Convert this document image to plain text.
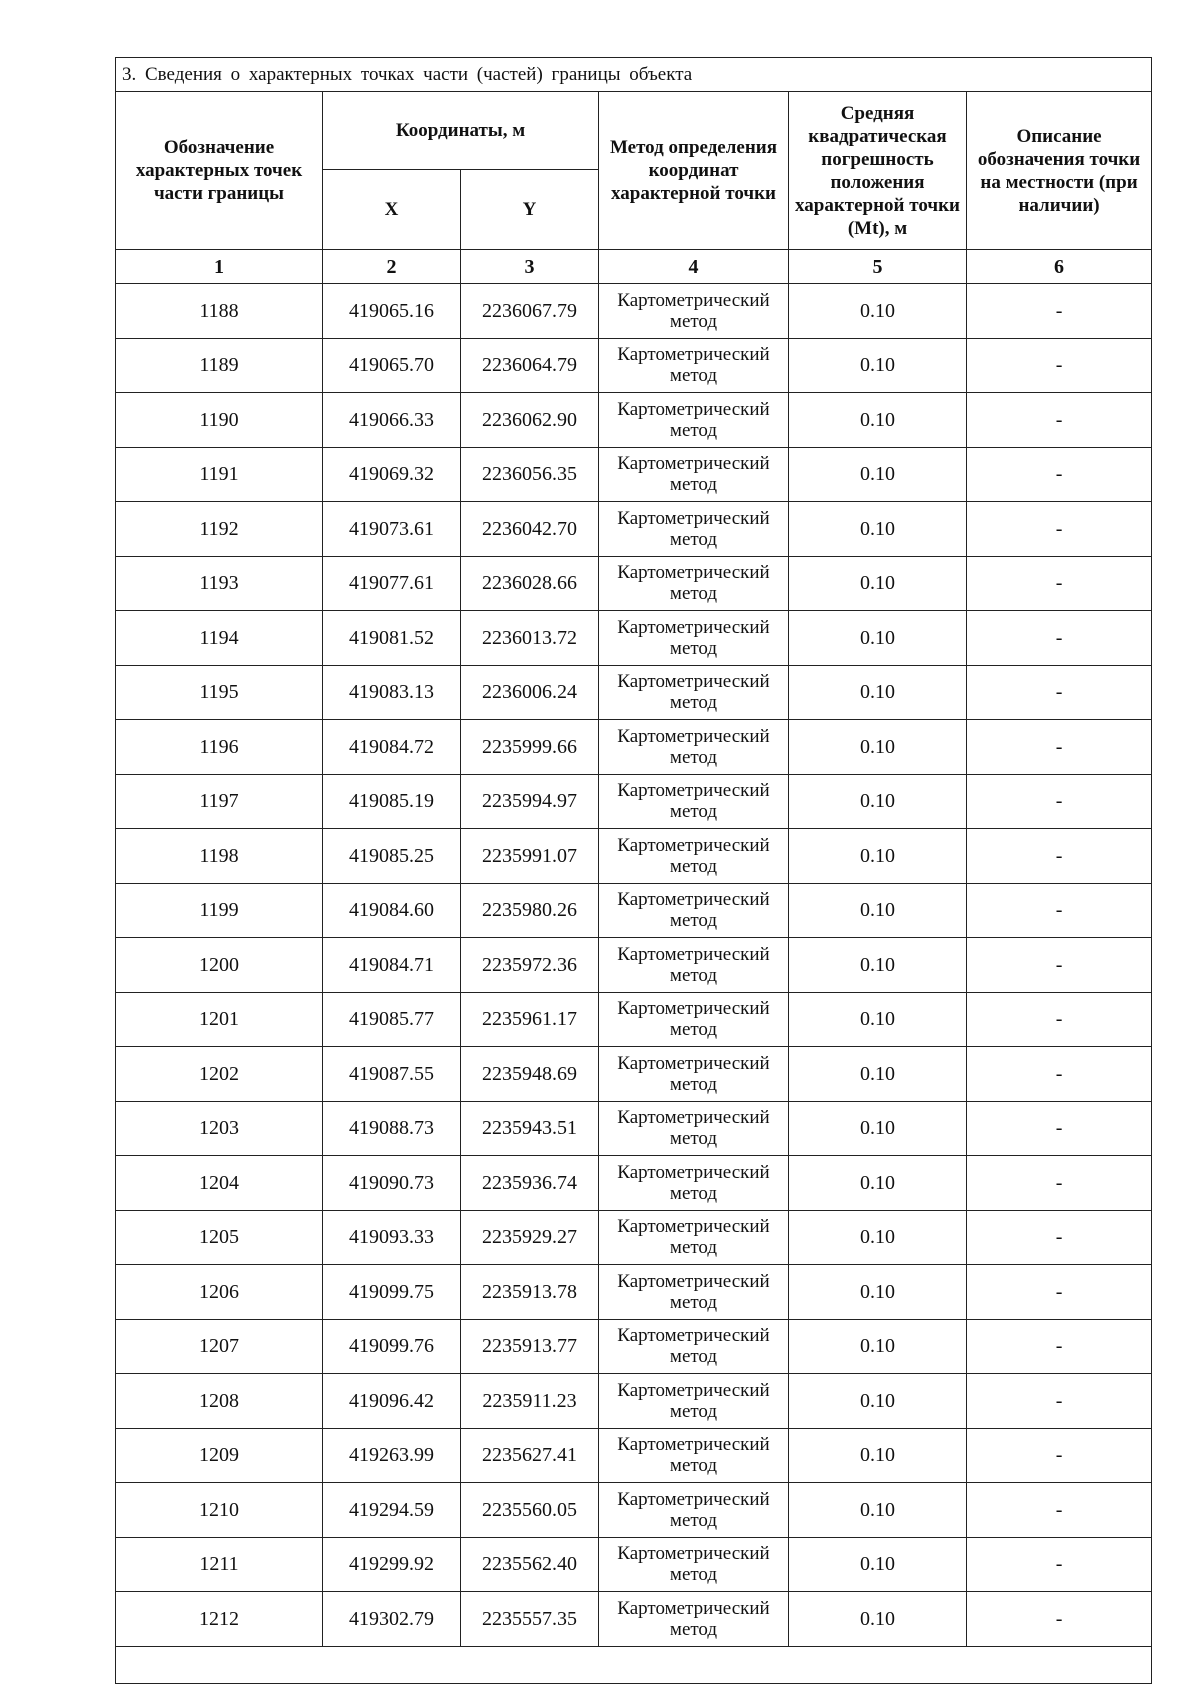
3. Сведения о характерных точках части (частей) границы объекта					
Обозначение характерных точек части границы	Координаты, м		Метод определения координат характерной точки	Средняя квадратическая погрешность положения характерной точки (Mt), м	Описание обозначения точки на местности (при наличии)
	X	Y			
1	2	3	4	5	6
1188	419065.16	2236067.79	Картометрический
метод	0.10	-
1189	419065.70	2236064.79	Картометрический
метод	0.10	-
1190	419066.33	2236062.90	Картометрический
метод	0.10	-
1191	419069.32	2236056.35	Картометрический
метод	0.10	-
1192	419073.61	2236042.70	Картометрический
метод	0.10	-
1193	419077.61	2236028.66	Картометрический
метод	0.10	-
1194	419081.52	2236013.72	Картометрический
метод	0.10	-
1195	419083.13	2236006.24	Картометрический
метод	0.10	-
1196	419084.72	2235999.66	Картометрический
метод	0.10	-
1197	419085.19	2235994.97	Картометрический
метод	0.10	-
1198	419085.25	2235991.07	Картометрический
метод	0.10	-
1199	419084.60	2235980.26	Картометрический
метод	0.10	-
1200	419084.71	2235972.36	Картометрический
метод	0.10	-
1201	419085.77	2235961.17	Картометрический
метод	0.10	-
1202	419087.55	2235948.69	Картометрический
метод	0.10	-
1203	419088.73	2235943.51	Картометрический
метод	0.10	-
1204	419090.73	2235936.74	Картометрический
метод	0.10	-
1205	419093.33	2235929.27	Картометрический
метод	0.10	-
1206	419099.75	2235913.78	Картометрический
метод	0.10	-
1207	419099.76	2235913.77	Картометрический
метод	0.10	-
1208	419096.42	2235911.23	Картометрический
метод	0.10	-
1209	419263.99	2235627.41	Картометрический
метод	0.10	-
1210	419294.59	2235560.05	Картометрический
метод	0.10	-
1211	419299.92	2235562.40	Картометрический
метод	0.10	-
1212	419302.79	2235557.35	Картометрический
метод	0.10	-
